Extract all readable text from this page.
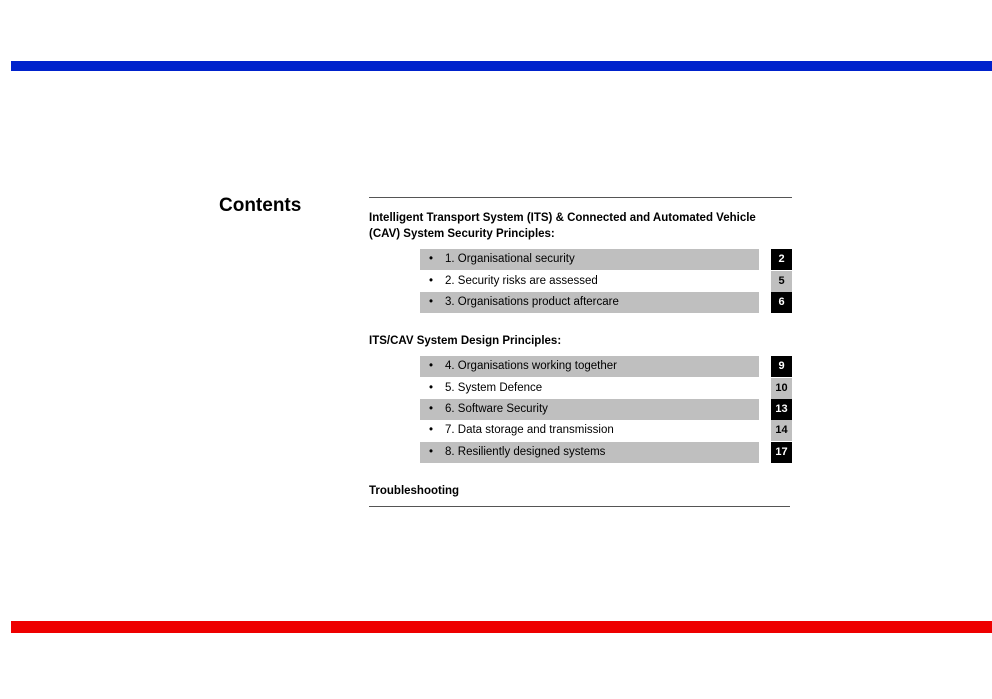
Contents
Intelligent Transport System (ITS) & Connected and Automated Vehicle (CAV) System Security Principles:
• 1. Organisational security	2
• 2. Security risks are assessed	5
• 3. Organisations product aftercare	6
ITS/CAV System Design Principles:
• 4. Organisations working together	9
• 5. System Defence	10
• 6. Software Security	13
• 7. Data storage and transmission	14
• 8. Resiliently designed systems	17
Troubleshooting
